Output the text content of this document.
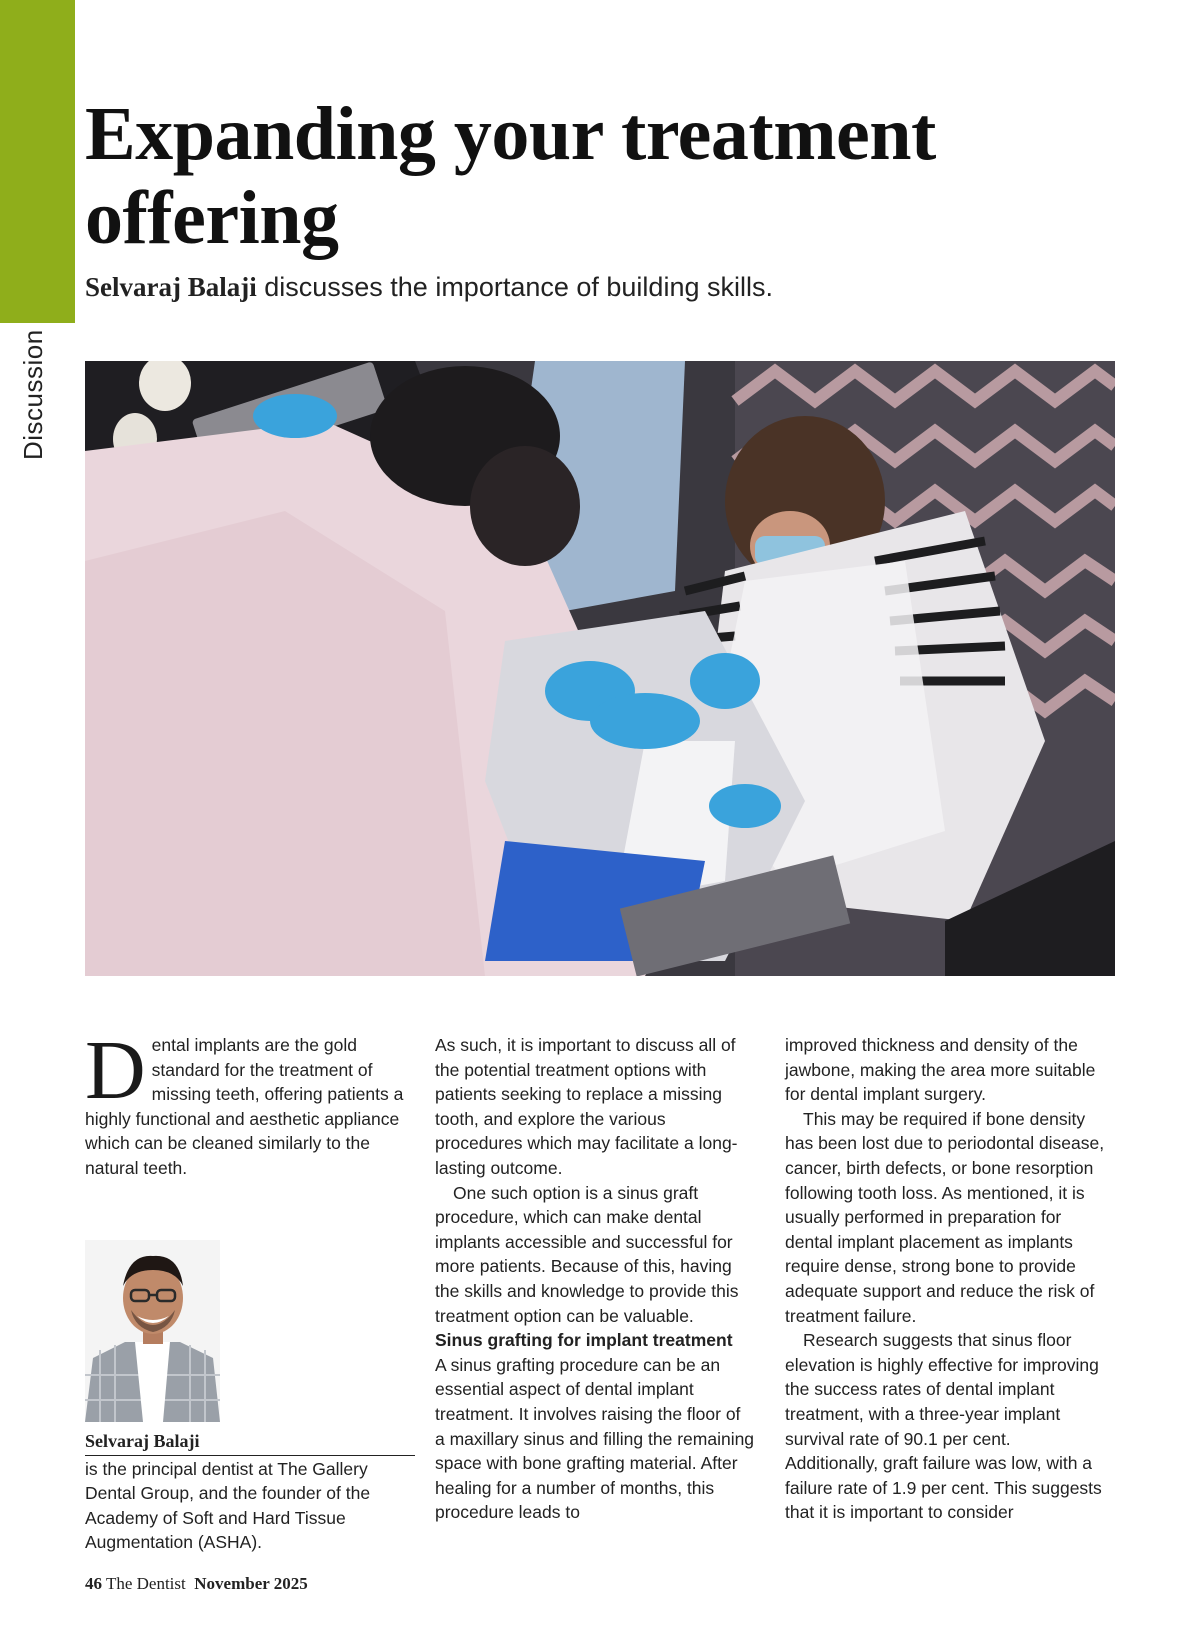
Discussion
Expanding your treatment offering

Selvaraj Balaji discusses the importance of building skills.

D ental implants are the gold standard for the treatment of missing teeth, offering patients a highly functional and aesthetic appliance which can be cleaned similarly to the natural teeth.

Selvaraj Balaji

is the principal dentist at The Gallery Dental Group, and the founder of the Academy of Soft and Hard Tissue Augmentation (ASHA).

As such, it is important to discuss all of the potential treatment options with patients seeking to replace a missing tooth, and explore the various procedures which may facilitate a long-lasting outcome.

One such option is a sinus graft procedure, which can make dental implants accessible and successful for more patients. Because of this, having the skills and knowledge to provide this treatment option can be valuable.

Sinus grafting for implant treatment

A sinus grafting procedure can be an essential aspect of dental implant treatment. It involves raising the floor of a maxillary sinus and filling the remaining space with bone grafting material. After healing for a number of months, this procedure leads to

improved thickness and density of the jawbone, making the area more suitable for dental implant surgery.

This may be required if bone density has been lost due to periodontal disease, cancer, birth defects, or bone resorption following tooth loss. As mentioned, it is usually performed in preparation for dental implant placement as implants require dense, strong bone to provide adequate support and reduce the risk of treatment failure.

Research suggests that sinus floor elevation is highly effective for improving the success rates of dental implant treatment, with a three-year implant survival rate of 90.1 per cent. Additionally, graft failure was low, with a failure rate of 1.9 per cent. This suggests that it is important to consider

46 The Dentist November 2025
